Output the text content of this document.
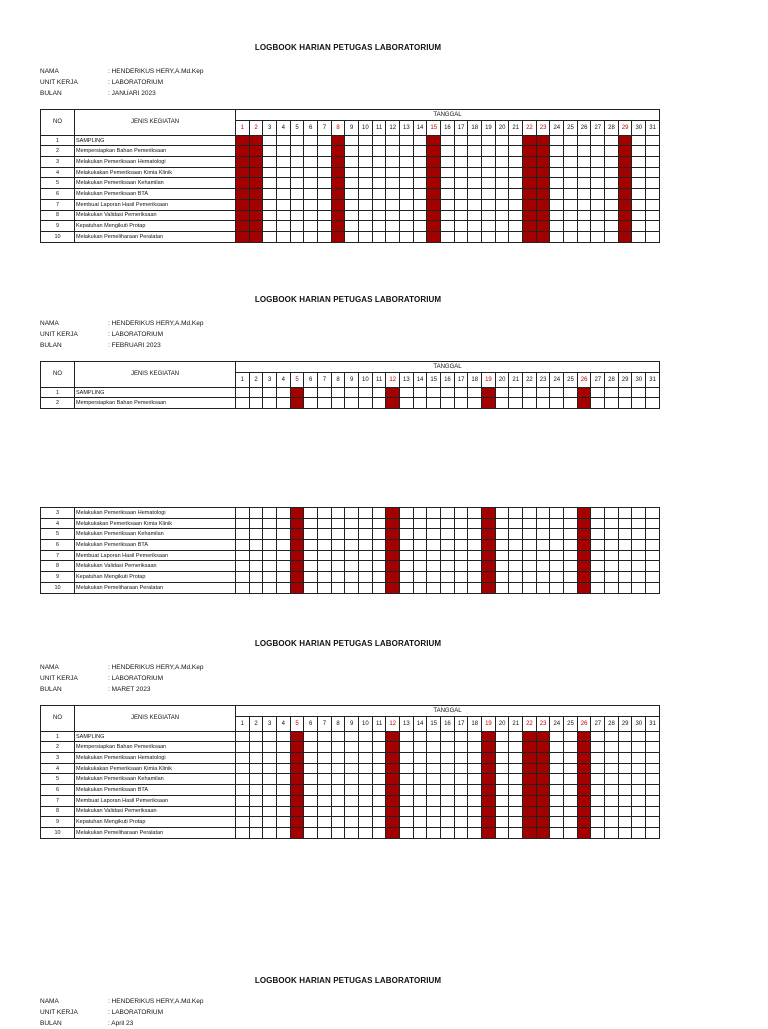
LOGBOOK HARIAN PETUGAS LABORATORIUM
NAMA	: HENDERIKUS HERY,A.Md.Kep
UNIT KERJA	: LABORATORIUM
BULAN	: JANUARI 2023
NO	JENIS KEGIATAN	TANGGAL																														
		1	2	3	4	5	6	7	8	9	10	11	12	13	14	15	16	17	18	19	20	21	22	23	24	25	26	27	28	29	30	31
1	SAMPLING																															
2	Mempersiapkan Bahan Pemeriksaan																															
3	Melakukan Pemeriksaan Hematologi																															
4	Melakukakan Pemeriksaan Kimia Klinik																															
5	Melakukan Pemeriksaan Kehamilan																															
6	Melakukan Pemeriksaan BTA																															
7	Membuat Laporan Hasil Pemeriksaan																															
8	Melakukan Validasi Pemeriksaan																															
9	Kepatuhan Mengikuti Protap																															
10	Melakukan Pemeliharaan Peralatan																															
LOGBOOK HARIAN PETUGAS LABORATORIUM
NAMA	: HENDERIKUS HERY,A.Md.Kep
UNIT KERJA	: LABORATORIUM
BULAN	: FEBRUARI 2023
NO	JENIS KEGIATAN	TANGGAL																														
		1	2	3	4	5	6	7	8	9	10	11	12	13	14	15	16	17	18	19	20	21	22	23	24	25	26	27	28	29	30	31
1	SAMPLING																															
2	Mempersiapkan Bahan Pemeriksaan																															
3	Melakukan Pemeriksaan Hematologi																															
4	Melakukakan Pemeriksaan Kimia Klinik																															
5	Melakukan Pemeriksaan Kehamilan																															
6	Melakukan Pemeriksaan BTA																															
7	Membuat Laporan Hasil Pemeriksaan																															
8	Melakukan Validasi Pemeriksaan																															
9	Kepatuhan Mengikuti Protap																															
10	Melakukan Pemeliharaan Peralatan																															
LOGBOOK HARIAN PETUGAS LABORATORIUM
NAMA	: HENDERIKUS HERY,A.Md.Kep
UNIT KERJA	: LABORATORIUM
BULAN	: MARET 2023
NO	JENIS KEGIATAN	TANGGAL																														
		1	2	3	4	5	6	7	8	9	10	11	12	13	14	15	16	17	18	19	20	21	22	23	24	25	26	27	28	29	30	31
1	SAMPLING																															
2	Mempersiapkan Bahan Pemeriksaan																															
3	Melakukan Pemeriksaan Hematologi																															
4	Melakukakan Pemeriksaan Kimia Klinik																															
5	Melakukan Pemeriksaan Kehamilan																															
6	Melakukan Pemeriksaan BTA																															
7	Membuat Laporan Hasil Pemeriksaan																															
8	Melakukan Validasi Pemeriksaan																															
9	Kepatuhan Mengikuti Protap																															
10	Melakukan Pemeliharaan Peralatan																															
LOGBOOK HARIAN PETUGAS LABORATORIUM
NAMA	: HENDERIKUS HERY,A.Md.Kep
UNIT KERJA	: LABORATORIUM
BULAN	: April 23
